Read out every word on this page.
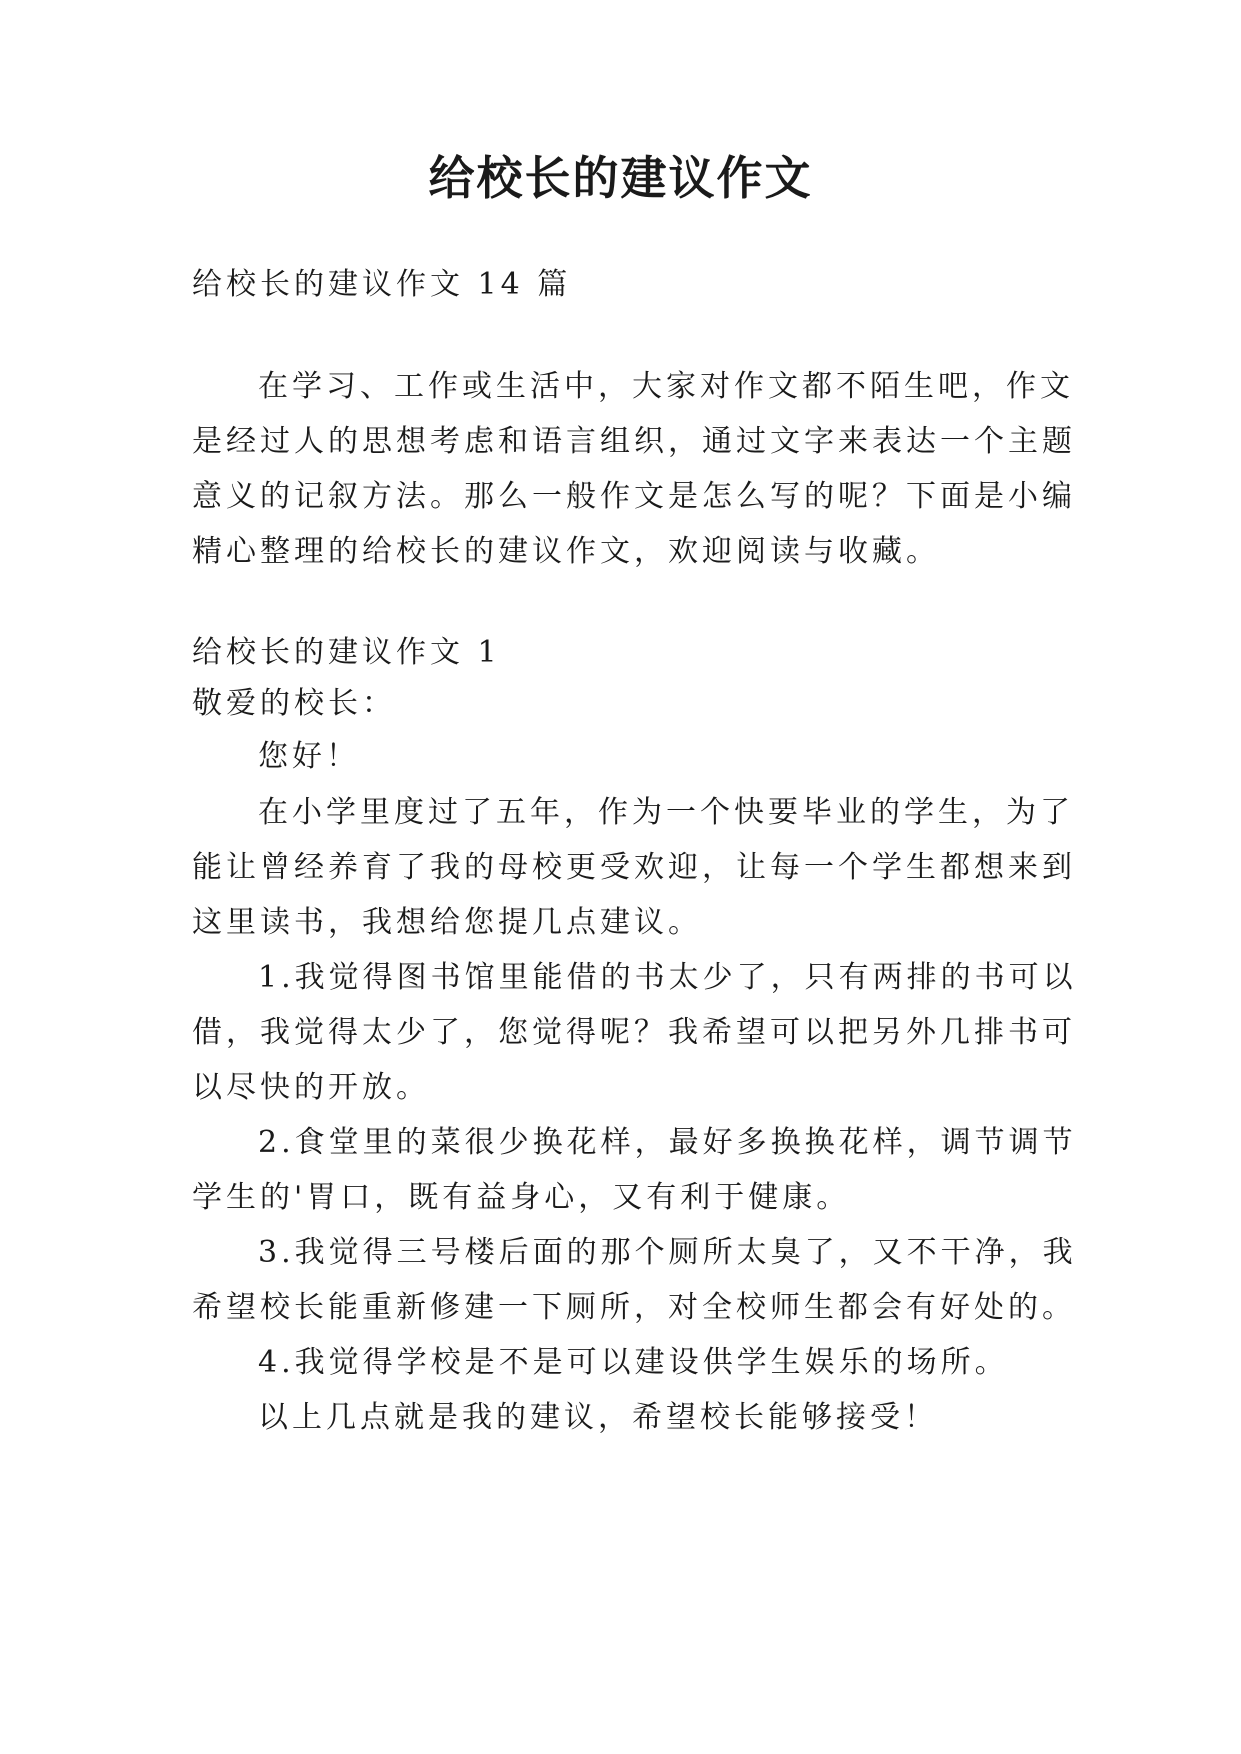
给校长的建议作文

给校长的建议作文 14 篇

在学习、工作或生活中，大家对作文都不陌生吧，作文

是经过人的思想考虑和语言组织，通过文字来表达一个主题

意义的记叙方法。那么一般作文是怎么写的呢？下面是小编

精心整理的给校长的建议作文，欢迎阅读与收藏。

给校长的建议作文 1

敬爱的校长：

您好！

在小学里度过了五年，作为一个快要毕业的学生，为了

能让曾经养育了我的母校更受欢迎，让每一个学生都想来到

这里读书，我想给您提几点建议。

1.我觉得图书馆里能借的书太少了，只有两排的书可以

借，我觉得太少了，您觉得呢？我希望可以把另外几排书可

以尽快的开放。

2.食堂里的菜很少换花样，最好多换换花样，调节调节

学生的'胃口，既有益身心，又有利于健康。

3.我觉得三号楼后面的那个厕所太臭了，又不干净，我

希望校长能重新修建一下厕所，对全校师生都会有好处的。

4.我觉得学校是不是可以建设供学生娱乐的场所。

以上几点就是我的建议，希望校长能够接受！
